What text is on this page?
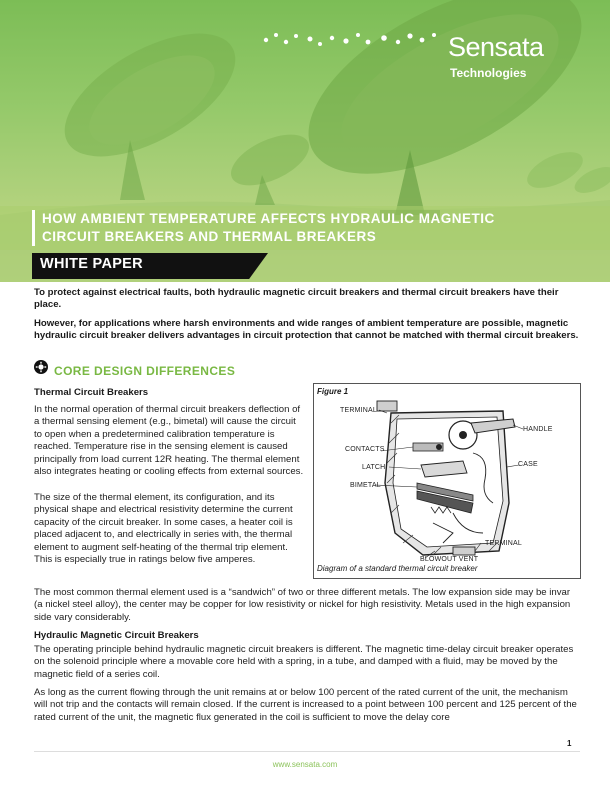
Sensata
Technologies
HOW AMBIENT TEMPERATURE AFFECTS HYDRAULIC MAGNETIC
CIRCUIT BREAKERS AND THERMAL BREAKERS
WHITE PAPER

To protect against electrical faults, both hydraulic magnetic circuit breakers and thermal circuit breakers have their place.

However, for applications where harsh environments and wide ranges of ambient temperature are possible, magnetic hydraulic circuit breaker delivers advantages in circuit protection that cannot be matched with thermal circuit breakers.

CORE DESIGN DIFFERENCES
Thermal Circuit Breakers

In the normal operation of thermal circuit breakers deflection of a thermal sensing element (e.g., bimetal) will cause the circuit to open when a predetermined calibration temperature is reached. Temperature rise in the sensing element is caused principally from load current 12R heating. The thermal element also integrates heating or cooling effects from external sources.

The size of the thermal element, its configuration, and its physical shape and electrical resistivity determine the current capacity of the circuit breaker. In some cases, a heater coil is placed adjacent to, and electrically in series with, the thermal element to augment self-heating of the thermal trip element. This is especially true in ratings below five amperes.

The most common thermal element used is a “sandwich” of two or three different metals. The low expansion side may be invar (a nickel steel alloy), the center may be copper for low resistivity or nickel for high resistivity. Metals used in the high expansion side vary considerably.

Figure 1
TERMINAL
HANDLE
CONTACTS
CASE
LATCH
BIMETAL
TERMINAL
BLOWOUT VENT
Diagram of a standard thermal circuit breaker
Hydraulic Magnetic Circuit Breakers

The operating principle behind hydraulic magnetic circuit breakers is different. The magnetic time-delay circuit breaker operates on the solenoid principle where a movable core held with a spring, in a tube, and damped with a fluid, may be moved by the magnetic field of a series coil.

As long as the current flowing through the unit remains at or below 100 percent of the rated current of the unit, the mechanism will not trip and the contacts will remain closed. If the current is increased to a point between 100 percent and 125 percent of the rated current of the unit, the magnetic flux generated in the coil is sufficient to move the delay core

1
www.sensata.com
